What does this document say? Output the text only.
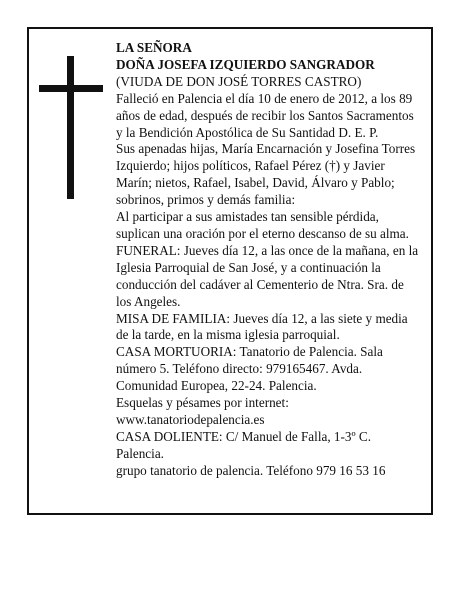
LA SEÑORA

DOÑA JOSEFA IZQUIERDO SANGRADOR

(VIUDA DE DON JOSÉ TORRES CASTRO)

Falleció en Palencia el día 10 de enero de 2012, a los 89 años de edad, después de recibir los Santos Sacramentos y la Bendición Apostólica de Su Santidad D. E. P.

Sus apenadas hijas, María Encarnación y Josefina Torres Izquierdo; hijos políticos, Rafael Pérez (†) y Javier Marín; nietos, Rafael, Isabel, David, Álvaro y Pablo; sobrinos, primos y demás familia:

Al participar a sus amistades tan sensible pérdida, suplican una oración por el eterno descanso de su alma.

FUNERAL: Jueves día 12, a las once de la mañana, en la Iglesia Parroquial de San José, y a continuación la conducción del cadáver al Cementerio de Ntra. Sra. de los Angeles.

MISA DE FAMILIA: Jueves día 12, a las siete y media de la tarde, en la misma iglesia parroquial.

CASA MORTUORIA: Tanatorio de Palencia. Sala número 5. Teléfono directo: 979165467. Avda. Comunidad Europea, 22-24. Palencia.

Esquelas y pésames por internet: www.tanatoriodepalencia.es

CASA DOLIENTE: C/ Manuel de Falla, 1-3º C. Palencia.

grupo tanatorio de palencia. Teléfono 979 16 53 16
